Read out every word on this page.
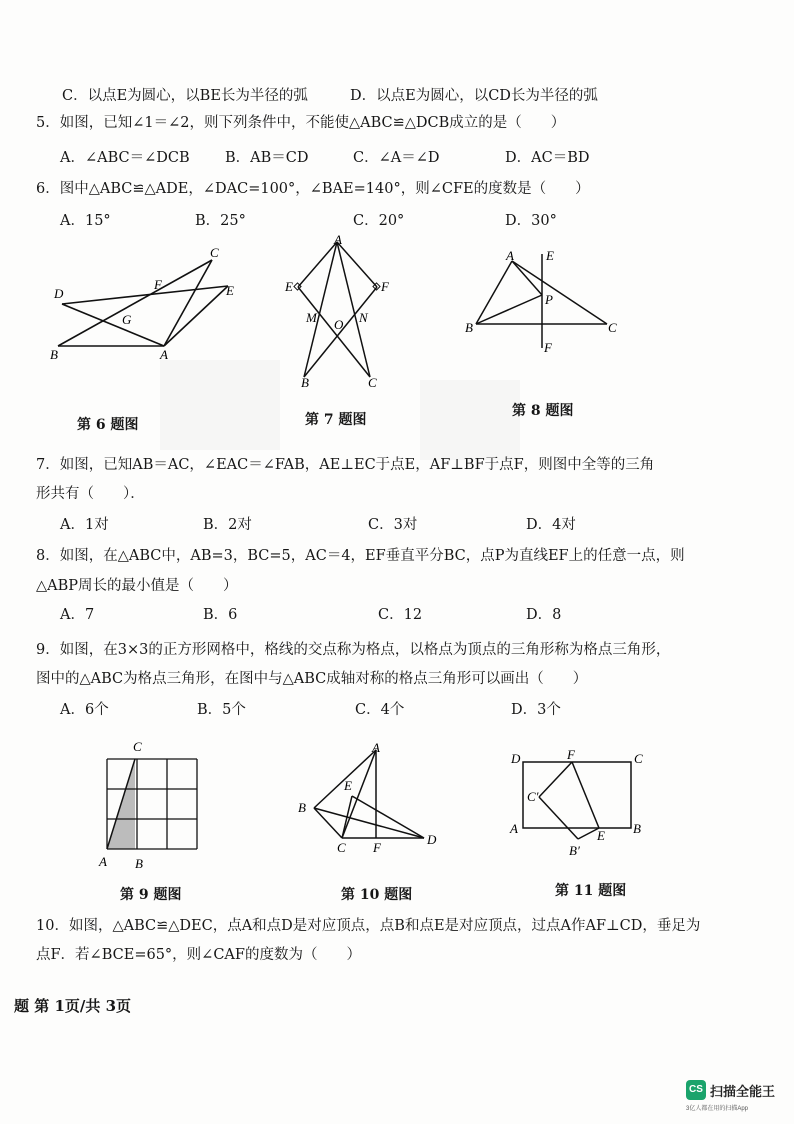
C．以点E为圆心，以BE长为半径的弧	D．以点E为圆心，以CD长为半径的弧
5．如图，已知∠1＝∠2，则下列条件中，不能使△ABC≌△DCB成立的是（　　）
A．∠ABC＝∠DCB B．AB＝CD	C．∠A＝∠D	D．AC＝BD
6．图中△ABC≌△ADE，∠DAC=100°，∠BAE=140°，则∠CFE的度数是（　　）
A．15°	B．25°	C．20°	D．30°
C
D
F	E
G
B	A
第 6 题图
A
E	F
M O N
B	C
第 7 题图
A E
P
B	C
F
第 8 题图
7．如图，已知AB＝AC，∠EAC＝∠FAB，AE⊥EC于点E，AF⊥BF于点F，则图中全等的三角
形共有（　　）．
A．1对	B．2对	C．3对	D．4对
8．如图，在△ABC中，AB=3，BC=5，AC＝4，EF垂直平分BC，点P为直线EF上的任意一点，则
△ABP周长的最小值是（　　）
A．7	B．6	C．12	D．8
9．如图，在3×3的正方形网格中，格线的交点称为格点，以格点为顶点的三角形称为格点三角形，
图中的△ABC为格点三角形，在图中与△ABC成轴对称的格点三角形可以画出（　　）
A．6个	B．5个	C．4个	D．3个
C
A B
第 9 题图
A
E
B
D
C F
第 10 题图
D	F	C
C′
A	E B
B′
第 11 题图
10．如图，△ABC≌△DEC，点A和点D是对应顶点，点B和点E是对应顶点，过点A作AF⊥CD，垂足为
点F．若∠BCE=65°，则∠CAF的度数为（　　）
题 第 1页/共 3页
CS 扫描全能王
3亿人都在用的扫描App
